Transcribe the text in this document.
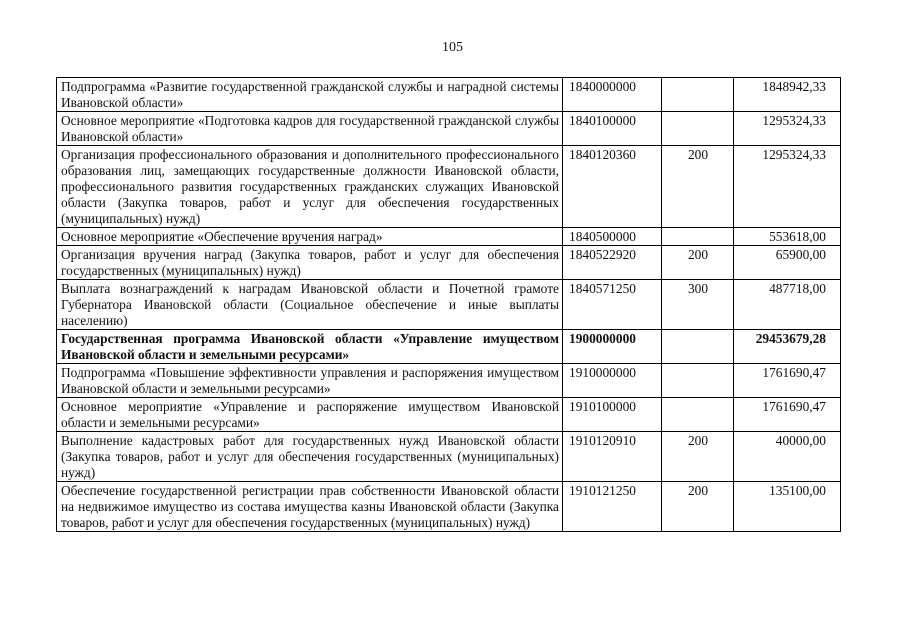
105
Подпрограмма «Развитие государственной гражданской службы и наградной системы Ивановской области»	1840000000		1848942,33
Основное мероприятие «Подготовка кадров для государственной гражданской службы Ивановской области»	1840100000		1295324,33
Организация профессионального образования и дополнительного профессионального образования лиц, замещающих государственные должности Ивановской области, профессионального развития государственных гражданских служащих Ивановской области (Закупка товаров, работ и услуг для обеспечения государственных (муниципальных) нужд)	1840120360	200	1295324,33
Основное мероприятие «Обеспечение вручения наград»	1840500000		553618,00
Организация вручения наград (Закупка товаров, работ и услуг для обеспечения государственных (муниципальных) нужд)	1840522920	200	65900,00
Выплата вознаграждений к наградам Ивановской области и Почетной грамоте Губернатора Ивановской области (Социальное обеспечение и иные выплаты населению)	1840571250	300	487718,00
Государственная программа Ивановской области «Управление имуществом Ивановской области и земельными ресурсами»	1900000000		29453679,28
Подпрограмма «Повышение эффективности управления и распоряжения имуществом Ивановской области и земельными ресурсами»	1910000000		1761690,47
Основное мероприятие «Управление и распоряжение имуществом Ивановской области и земельными ресурсами»	1910100000		1761690,47
Выполнение кадастровых работ для государственных нужд Ивановской области (Закупка товаров, работ и услуг для обеспечения государственных (муниципальных) нужд)	1910120910	200	40000,00
Обеспечение государственной регистрации прав собственности Ивановской области на недвижимое имущество из состава имущества казны Ивановской области (Закупка товаров, работ и услуг для обеспечения государственных (муниципальных) нужд)	1910121250	200	135100,00
